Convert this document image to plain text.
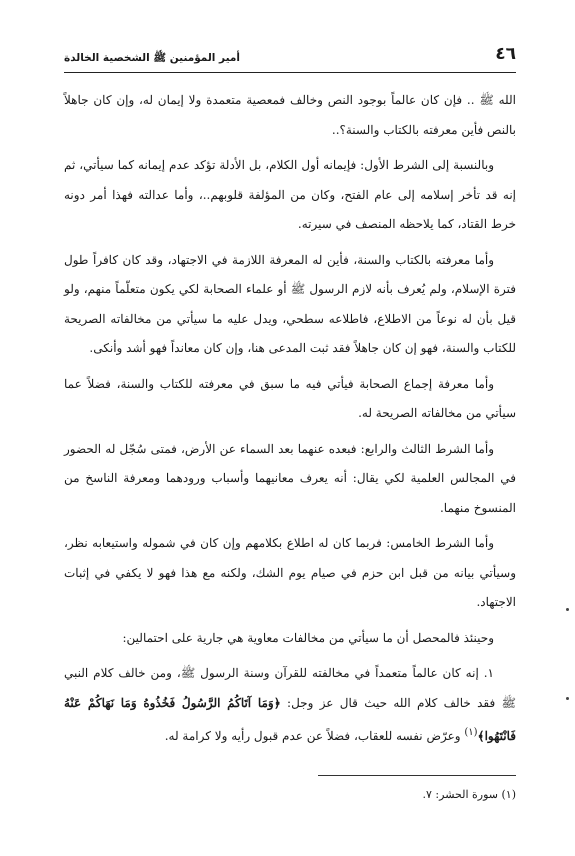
٤٦
أمير المؤمنين ﷺ الشخصية الخالدة

الله ﷺ .. فإن كان عالماً بوجود النص وخالف فمعصية متعمدة ولا إيمان له، وإن كان جاهلاً بالنص فأين معرفته بالكتاب والسنة؟..

وبالنسبة إلى الشرط الأول: فإيمانه أول الكلام، بل الأدلة تؤكد عدم إيمانه كما سيأتي، ثم إنه قد تأخر إسلامه إلى عام الفتح، وكان من المؤلفة قلوبهم..، وأما عدالته فهذا أمر دونه خرط القتاد، كما يلاحظه المنصف في سيرته.

وأما معرفته بالكتاب والسنة، فأين له المعرفة اللازمة في الاجتهاد، وقد كان كافراً طول فترة الإسلام، ولم يُعرف بأنه لازم الرسول ﷺ أو علماء الصحابة لكي يكون متعلّماً منهم، ولو قيل بأن له نوعاً من الاطلاع، فاطلاعه سطحي، ويدل عليه ما سيأتي من مخالفاته الصريحة للكتاب والسنة، فهو إن كان جاهلاً فقد ثبت المدعى هنا، وإن كان معانداً فهو أشد وأنكى.

وأما معرفة إجماع الصحابة فيأتي فيه ما سبق في معرفته للكتاب والسنة، فضلاً عما سيأتي من مخالفاته الصريحة له.

وأما الشرط الثالث والرابع: فبعده عنهما بعد السماء عن الأرض، فمتى سُجّل له الحضور في المجالس العلمية لكي يقال: أنه يعرف معانيهما وأسباب ورودهما ومعرفة الناسخ من المنسوخ منهما.

وأما الشرط الخامس: فربما كان له اطلاع بكلامهم وإن كان في شموله واستيعابه نظر، وسيأتي بيانه من قبل ابن حزم في صيام يوم الشك، ولكنه مع هذا فهو لا يكفي في إثبات الاجتهاد.

وحينئذ فالمحصل أن ما سيأتي من مخالفات معاوية هي جارية على احتمالين:

١. إنه كان عالماً متعمداً في مخالفته للقرآن وسنة الرسول ﷺ، ومن خالف كلام النبي ﷺ فقد خالف كلام الله حيث قال عز وجل: ﴿وَمَا آتَاكُمُ الرَّسُولُ فَخُذُوهُ وَمَا نَهَاكُمْ عَنْهُ فَانْتَهُوا﴾$^{(١)}$ وعرّض نفسه للعقاب، فضلاً عن عدم قبول رأيه ولا كرامة له.

(١) سورة الحشر: ٧.
